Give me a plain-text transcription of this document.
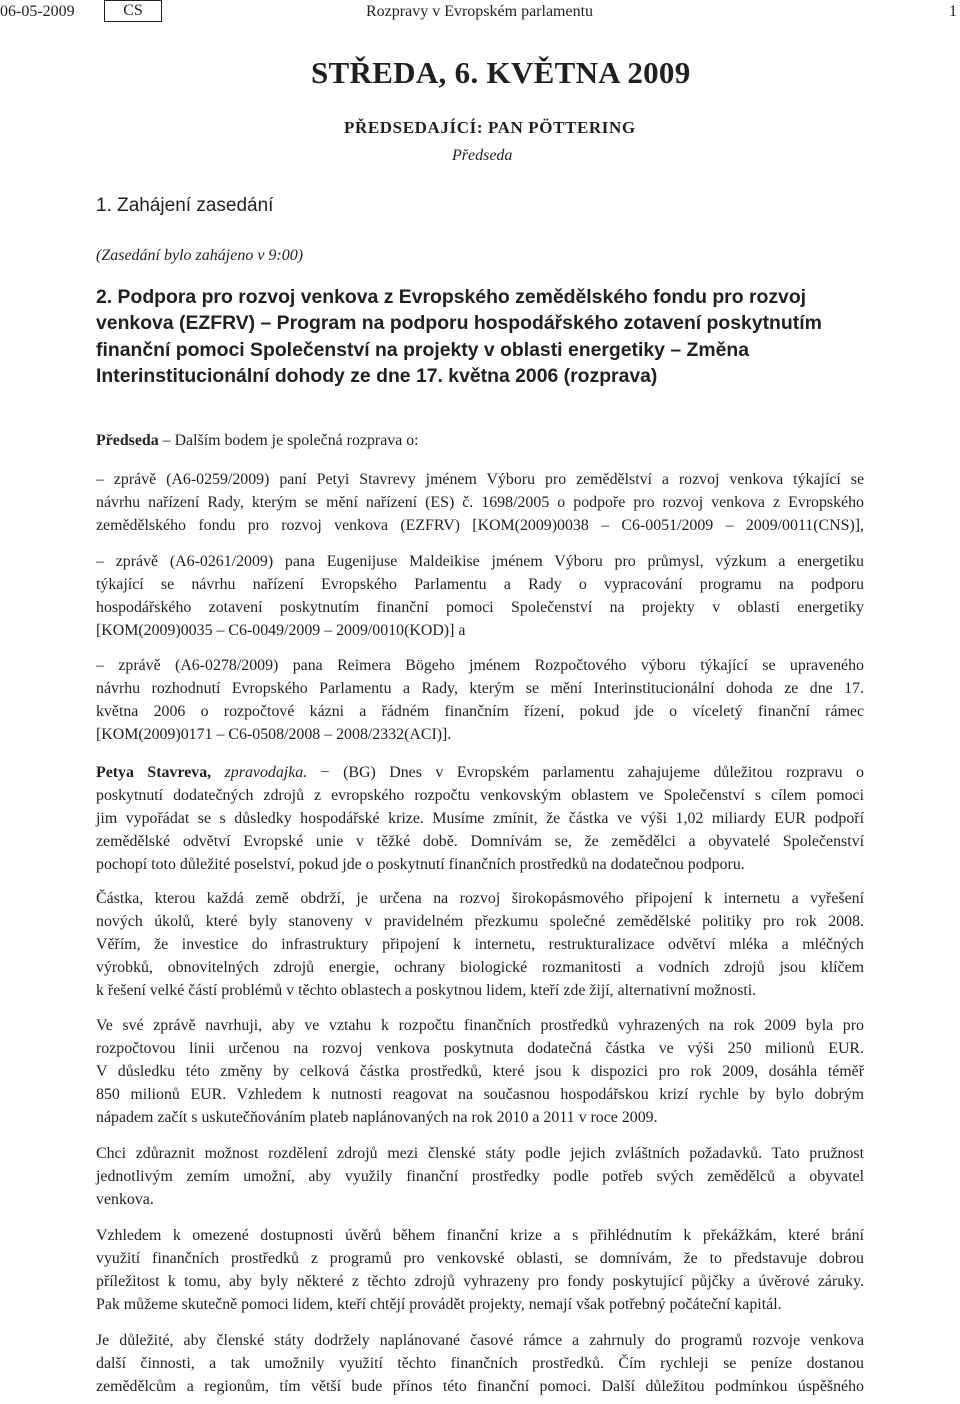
06-05-2009	CS	Rozpravy v Evropském parlamentu	1
STŘEDA, 6. KVĚTNA 2009
PŘEDSEDAJÍCÍ: PAN PÖTTERING
Předseda
1. Zahájení zasedání
(Zasedání bylo zahájeno v 9:00)
2. Podpora pro rozvoj venkova z Evropského zemědělského fondu pro rozvoj
venkova (EZFRV) – Program na podporu hospodářského zotavení poskytnutím
finanční pomoci Společenství na projekty v oblasti energetiky – Změna
Interinstitucionální dohody ze dne 17. května 2006 (rozprava)
Předseda – Dalším bodem je společná rozprava o:
– zprávě (A6-0259/2009) paní Petyi Stavrevy jménem Výboru pro zemědělství a rozvoj venkova týkající se
návrhu nařízení Rady, kterým se mění nařízení (ES) č. 1698/2005 o podpoře pro rozvoj venkova z Evropského
zemědělského fondu pro rozvoj venkova (EZFRV) [KOM(2009)0038 – C6-0051/2009 – 2009/0011(CNS)],
– zprávě (A6-0261/2009) pana Eugenijuse Maldeikise jménem Výboru pro průmysl, výzkum a energetiku
týkající se návrhu nařízení Evropského Parlamentu a Rady o vypracování programu na podporu
hospodářského zotavení poskytnutím finanční pomoci Společenství na projekty v oblasti energetiky
[KOM(2009)0035 – C6-0049/2009 – 2009/0010(KOD)] a
– zprávě (A6-0278/2009) pana Reimera Bögeho jménem Rozpočtového výboru týkající se upraveného
návrhu rozhodnutí Evropského Parlamentu a Rady, kterým se mění Interinstitucionální dohoda ze dne 17.
května 2006 o rozpočtové kázni a řádném finančním řízení, pokud jde o víceletý finanční rámec
[KOM(2009)0171 – C6-0508/2008 – 2008/2332(ACI)].
Petya Stavreva, zpravodajka. − (BG) Dnes v Evropském parlamentu zahajujeme důležitou rozpravu o
poskytnutí dodatečných zdrojů z evropského rozpočtu venkovským oblastem ve Společenství s cílem pomoci
jim vypořádat se s důsledky hospodářské krize. Musíme zmínit, že částka ve výši 1,02 miliardy EUR podpoří
zemědělské odvětví Evropské unie v těžké době. Domnívám se, že zemědělci a obyvatelé Společenství
pochopí toto důležité poselství, pokud jde o poskytnutí finančních prostředků na dodatečnou podporu.
Částka, kterou každá země obdrží, je určena na rozvoj širokopásmového připojení k internetu a vyřešení
nových úkolů, které byly stanoveny v pravidelném přezkumu společné zemědělské politiky pro rok 2008.
Věřím, že investice do infrastruktury připojení k internetu, restrukturalizace odvětví mléka a mléčných
výrobků, obnovitelných zdrojů energie, ochrany biologické rozmanitosti a vodních zdrojů jsou klíčem
k řešení velké částí problémů v těchto oblastech a poskytnou lidem, kteří zde žijí, alternativní možnosti.
Ve své zprávě navrhuji, aby ve vztahu k rozpočtu finančních prostředků vyhrazených na rok 2009 byla pro
rozpočtovou linii určenou na rozvoj venkova poskytnuta dodatečná částka ve výši 250 milionů EUR.
V důsledku této změny by celková částka prostředků, které jsou k dispozici pro rok 2009, dosáhla téměř
850 milionů EUR. Vzhledem k nutnosti reagovat na současnou hospodářskou krizí rychle by bylo dobrým
nápadem začít s uskutečňováním plateb naplánovaných na rok 2010 a 2011 v roce 2009.
Chci zdůraznit možnost rozdělení zdrojů mezi členské státy podle jejich zvláštních požadavků. Tato pružnost
jednotlivým zemím umožní, aby využily finanční prostředky podle potřeb svých zemědělců a obyvatel
venkova.
Vzhledem k omezené dostupnosti úvěrů během finanční krize a s přihlédnutím k překážkám, které brání
využití finančních prostředků z programů pro venkovské oblasti, se domnívám, že to představuje dobrou
příležitost k tomu, aby byly některé z těchto zdrojů vyhrazeny pro fondy poskytující půjčky a úvěrové záruky.
Pak můžeme skutečně pomoci lidem, kteří chtějí provádět projekty, nemají však potřebný počáteční kapitál.
Je důležité, aby členské státy dodržely naplánované časové rámce a zahrnuly do programů rozvoje venkova
další činnosti, a tak umožnily využití těchto finančních prostředků. Čím rychleji se peníze dostanou
zemědělcům a regionům, tím větší bude přínos této finanční pomoci. Další důležitou podmínkou úspěšného
